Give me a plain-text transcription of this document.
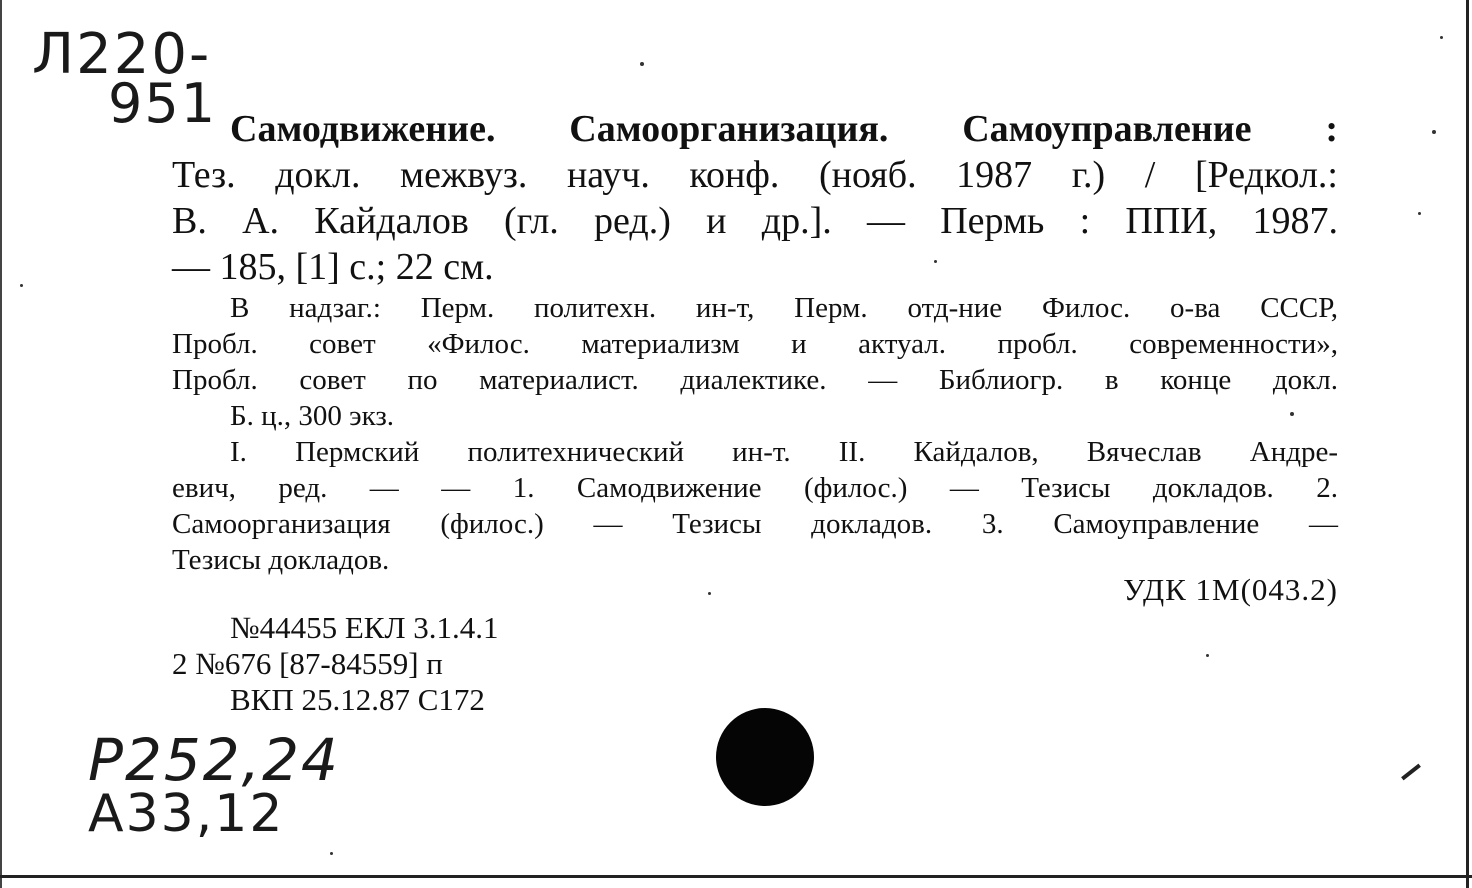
Л220-
951 Самодвижение. Самоорганизация. Самоуправление :

Тез. докл. межвуз. науч. конф. (нояб. 1987 г.) / [Редкол.:

В. А. Кайдалов (гл. ред.) и др.]. — Пермь : ППИ, 1987.

— 185, [1] с.; 22 см.

В надзаг.: Перм. политехн. ин-т, Перм. отд-ние Филос. о-ва СССР,

Пробл. совет «Филос. материализм и актуал. пробл. современности»,

Пробл. совет по материалист. диалектике. — Библиогр. в конце докл.

Б. ц., 300 экз.

I. Пермский политехнический ин-т. II. Кайдалов, Вячеслав Андре-

евич, ред. — — 1. Самодвижение (филос.) — Тезисы докладов. 2.

Самоорганизация (филос.) — Тезисы докладов. 3. Самоуправление —

Тезисы докладов.

УДК 1М(043.2)

№44455 ЕКЛ 3.1.4.1

2 №676 [87-84559] п

ВКП 25.12.87 С172

Р252,24
А33,12
